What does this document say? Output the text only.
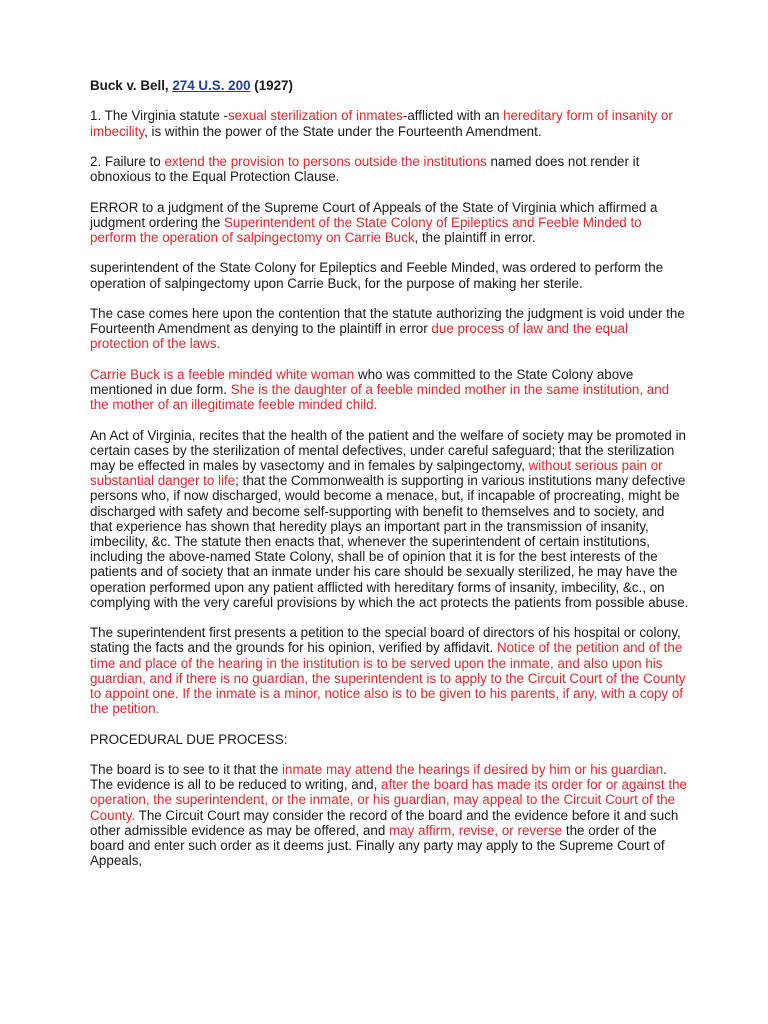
Buck v. Bell, 274 U.S. 200 (1927)

1. The Virginia statute -sexual sterilization of inmates-afflicted with an hereditary form of insanity or imbecility, is within the power of the State under the Fourteenth Amendment.

2. Failure to extend the provision to persons outside the institutions named does not render it obnoxious to the Equal Protection Clause.

ERROR to a judgment of the Supreme Court of Appeals of the State of Virginia which affirmed a judgment ordering the Superintendent of the State Colony of Epileptics and Feeble Minded to perform the operation of salpingectomy on Carrie Buck, the plaintiff in error.

superintendent of the State Colony for Epileptics and Feeble Minded, was ordered to perform the operation of salpingectomy upon Carrie Buck, for the purpose of making her sterile.

The case comes here upon the contention that the statute authorizing the judgment is void under the Fourteenth Amendment as denying to the plaintiff in error due process of law and the equal protection of the laws.

Carrie Buck is a feeble minded white woman who was committed to the State Colony above mentioned in due form. She is the daughter of a feeble minded mother in the same institution, and the mother of an illegitimate feeble minded child.

An Act of Virginia, recites that the health of the patient and the welfare of society may be promoted in certain cases by the sterilization of mental defectives, under careful safeguard; that the sterilization may be effected in males by vasectomy and in females by salpingectomy, without serious pain or substantial danger to life; that the Commonwealth is supporting in various institutions many defective persons who, if now discharged, would become a menace, but, if incapable of procreating, might be discharged with safety and become self-supporting with benefit to themselves and to society, and that experience has shown that heredity plays an important part in the transmission of insanity, imbecility, &c. The statute then enacts that, whenever the superintendent of certain institutions, including the above-named State Colony, shall be of opinion that it is for the best interests of the patients and of society that an inmate under his care should be sexually sterilized, he may have the operation performed upon any patient afflicted with hereditary forms of insanity, imbecility, &c., on complying with the very careful provisions by which the act protects the patients from possible abuse.

The superintendent first presents a petition to the special board of directors of his hospital or colony, stating the facts and the grounds for his opinion, verified by affidavit. Notice of the petition and of the time and place of the hearing in the institution is to be served upon the inmate, and also upon his guardian, and if there is no guardian, the superintendent is to apply to the Circuit Court of the County to appoint one. If the inmate is a minor, notice also is to be given to his parents, if any, with a copy of the petition.

PROCEDURAL DUE PROCESS:

The board is to see to it that the inmate may attend the hearings if desired by him or his guardian. The evidence is all to be reduced to writing, and, after the board has made its order for or against the operation, the superintendent, or the inmate, or his guardian, may appeal to the Circuit Court of the County. The Circuit Court may consider the record of the board and the evidence before it and such other admissible evidence as may be offered, and may affirm, revise, or reverse the order of the board and enter such order as it deems just. Finally any party may apply to the Supreme Court of Appeals,
